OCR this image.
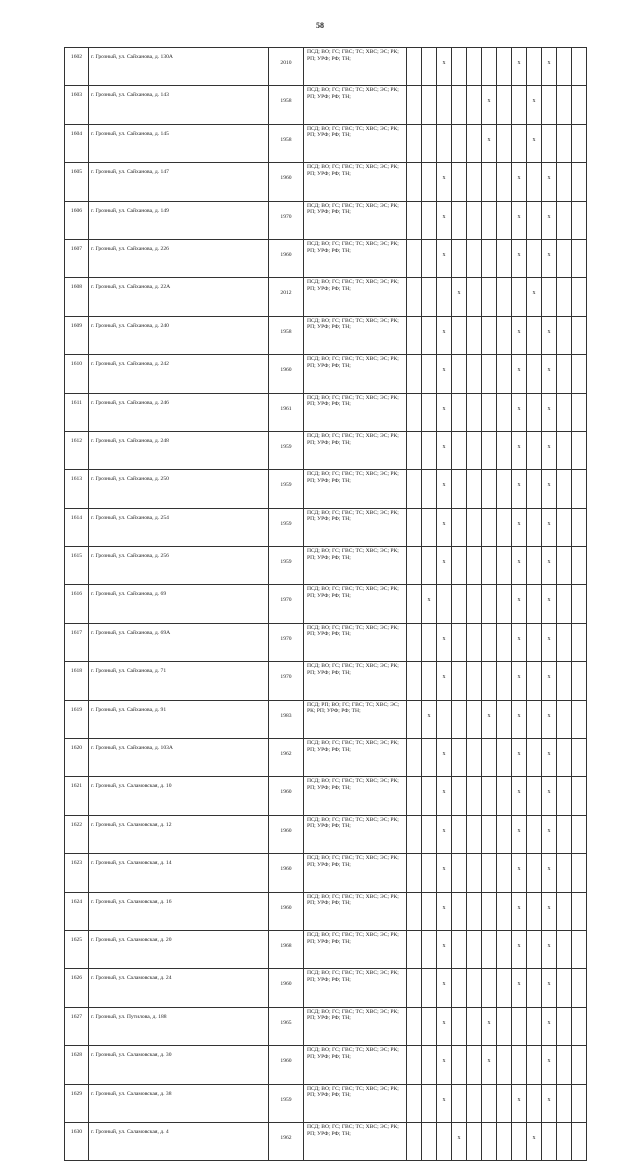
58
1602	г. Грозный, ул. Сайханова, д. 130А	2010	ПСД; ВО; ГС; ГВС; ТС; ХВС; ЭС; РК; РП; УРФ; РФ; ТН;			x					x		x		
1603	г. Грозный, ул. Сайханова, д. 143	1958	ПСД; ВО; ГС; ГВС; ТС; ХВС; ЭС; РК; РП; УРФ; РФ; ТН;						x			x			
1604	г. Грозный, ул. Сайханова, д. 145	1958	ПСД; ВО; ГС; ГВС; ТС; ХВС; ЭС; РК; РП; УРФ; РФ; ТН;						x			x			
1605	г. Грозный, ул. Сайханова, д. 147	1960	ПСД; ВО; ГС; ГВС; ТС; ХВС; ЭС; РК; РП; УРФ; РФ; ТН;			x					x		x		
1606	г. Грозный, ул. Сайханова, д. 149	1970	ПСД; ВО; ГС; ГВС; ТС; ХВС; ЭС; РК; РП; УРФ; РФ; ТН;			x					x		x		
1607	г. Грозный, ул. Сайханова, д. 226	1960	ПСД; ВО; ГС; ГВС; ТС; ХВС; ЭС; РК; РП; УРФ; РФ; ТН;			x					x		x		
1608	г. Грозный, ул. Сайханова, д. 22А	2012	ПСД; ВО; ГС; ГВС; ТС; ХВС; ЭС; РК; РП; УРФ; РФ; ТН;				x					x			
1609	г. Грозный, ул. Сайханова, д. 240	1958	ПСД; ВО; ГС; ГВС; ТС; ХВС; ЭС; РК; РП; УРФ; РФ; ТН;			x					x		x		
1610	г. Грозный, ул. Сайханова, д. 242	1960	ПСД; ВО; ГС; ГВС; ТС; ХВС; ЭС; РК; РП; УРФ; РФ; ТН;			x					x		x		
1611	г. Грозный, ул. Сайханова, д. 246	1961	ПСД; ВО; ГС; ГВС; ТС; ХВС; ЭС; РК; РП; УРФ; РФ; ТН;			x					x		x		
1612	г. Грозный, ул. Сайханова, д. 248	1959	ПСД; ВО; ГС; ГВС; ТС; ХВС; ЭС; РК; РП; УРФ; РФ; ТН;			x					x		x		
1613	г. Грозный, ул. Сайханова, д. 250	1959	ПСД; ВО; ГС; ГВС; ТС; ХВС; ЭС; РК; РП; УРФ; РФ; ТН;			x					x		x		
1614	г. Грозный, ул. Сайханова, д. 254	1959	ПСД; ВО; ГС; ГВС; ТС; ХВС; ЭС; РК; РП; УРФ; РФ; ТН;			x					x		x		
1615	г. Грозный, ул. Сайханова, д. 256	1959	ПСД; ВО; ГС; ГВС; ТС; ХВС; ЭС; РК; РП; УРФ; РФ; ТН;			x					x		x		
1616	г. Грозный, ул. Сайханова, д. 69	1970	ПСД; ВО; ГС; ГВС; ТС; ХВС; ЭС; РК; РП; УРФ; РФ; ТН;		x						x		x		
1617	г. Грозный, ул. Сайханова, д. 69А	1970	ПСД; ВО; ГС; ГВС; ТС; ХВС; ЭС; РК; РП; УРФ; РФ; ТН;			x					x		x		
1618	г. Грозный, ул. Сайханова, д. 71	1970	ПСД; ВО; ГС; ГВС; ТС; ХВС; ЭС; РК; РП; УРФ; РФ; ТН;			x					x		x		
1619	г. Грозный, ул. Сайханова, д. 91	1983	ПСД; РП; ВО; ГС; ГВС; ТС; ХВС; ЭС; РК; РП; УРФ; РФ; ТН;		x				x		x		x		
1620	г. Грозный, ул. Сайханова, д. 103А	1962	ПСД; ВО; ГС; ГВС; ТС; ХВС; ЭС; РК; РП; УРФ; РФ; ТН;			x					x		x		
1621	г. Грозный, ул. Саламовская, д. 10	1960	ПСД; ВО; ГС; ГВС; ТС; ХВС; ЭС; РК; РП; УРФ; РФ; ТН;			x					x		x		
1622	г. Грозный, ул. Саламовская, д. 12	1960	ПСД; ВО; ГС; ГВС; ТС; ХВС; ЭС; РК; РП; УРФ; РФ; ТН;			x					x		x		
1623	г. Грозный, ул. Саламовская, д. 14	1960	ПСД; ВО; ГС; ГВС; ТС; ХВС; ЭС; РК; РП; УРФ; РФ; ТН;			x					x		x		
1624	г. Грозный, ул. Саламовская, д. 16	1960	ПСД; ВО; ГС; ГВС; ТС; ХВС; ЭС; РК; РП; УРФ; РФ; ТН;			x					x		x		
1625	г. Грозный, ул. Саламовская, д. 20	1968	ПСД; ВО; ГС; ГВС; ТС; ХВС; ЭС; РК; РП; УРФ; РФ; ТН;			x					x		x		
1626	г. Грозный, ул. Саламовская, д. 24	1960	ПСД; ВО; ГС; ГВС; ТС; ХВС; ЭС; РК; РП; УРФ; РФ; ТН;			x					x		x		
1627	г. Грозный, ул. Путилова, д. 188	1965	ПСД; ВО; ГС; ГВС; ТС; ХВС; ЭС; РК; РП; УРФ; РФ; ТН;			x			x				x		
1628	г. Грозный, ул. Саламовская, д. 30	1960	ПСД; ВО; ГС; ГВС; ТС; ХВС; ЭС; РК; РП; УРФ; РФ; ТН;			x			x				x		
1629	г. Грозный, ул. Саламовская, д. 38	1959	ПСД; ВО; ГС; ГВС; ТС; ХВС; ЭС; РК; РП; УРФ; РФ; ТН;			x					x		x		
1630	г. Грозный, ул. Саламовская, д. 4	1962	ПСД; ВО; ГС; ГВС; ТС; ХВС; ЭС; РК; РП; УРФ; РФ; ТН;				x					x			
